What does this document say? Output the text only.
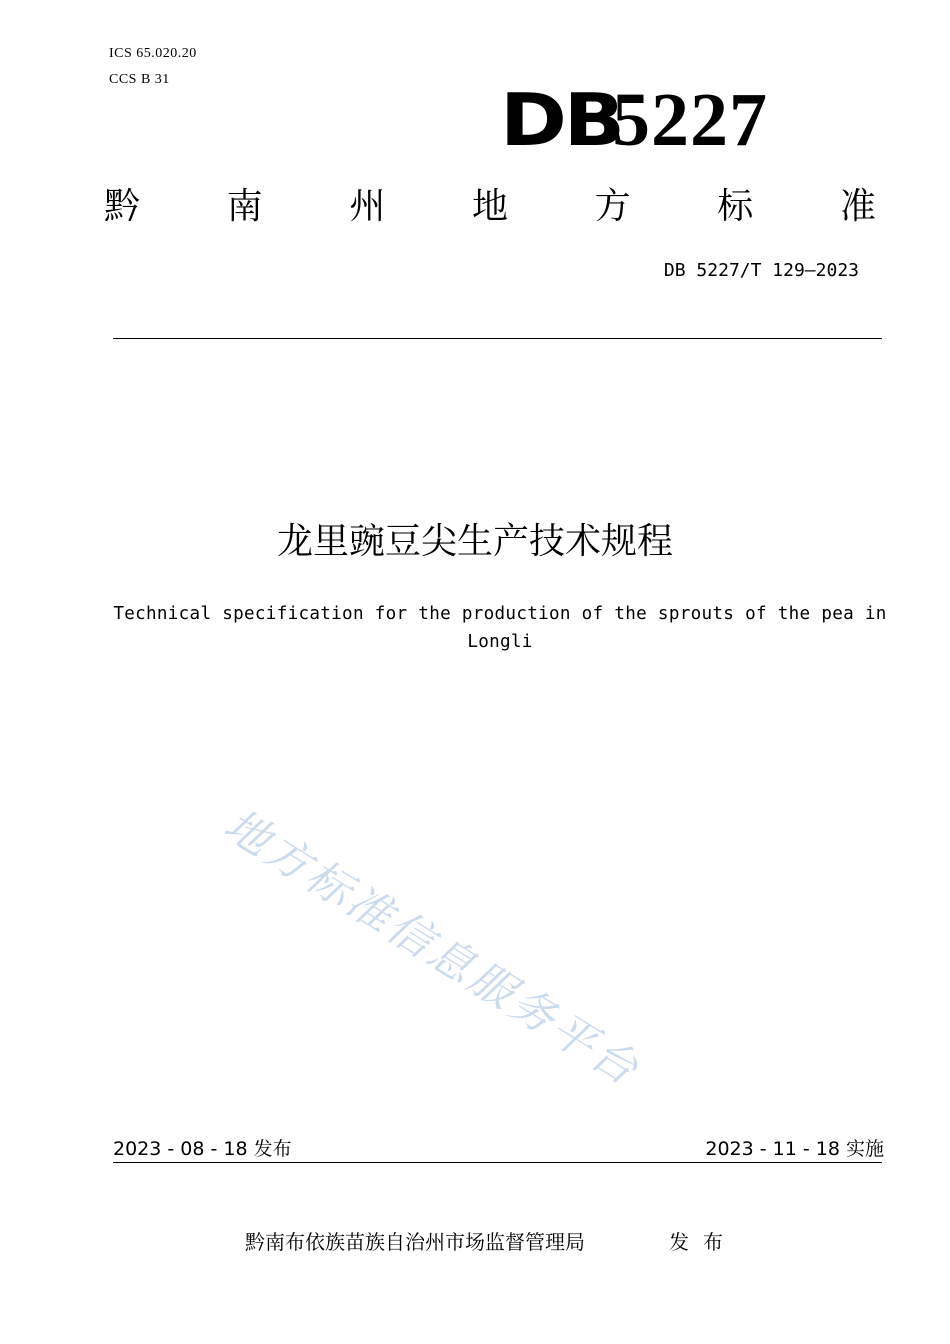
ICS 65.020.20
CCS B 31	DB
5227
黔 南 州 地 方 标 准
DB 5227/T 129—2023
龙里豌豆尖生产技术规程
Technical specification for the production of the sprouts of the pea in Longli
地方标准信息服务平台
2023 - 08 - 18 发布	2023 - 11 - 18 实施
黔南布依族苗族自治州市场监督管理局	发布
